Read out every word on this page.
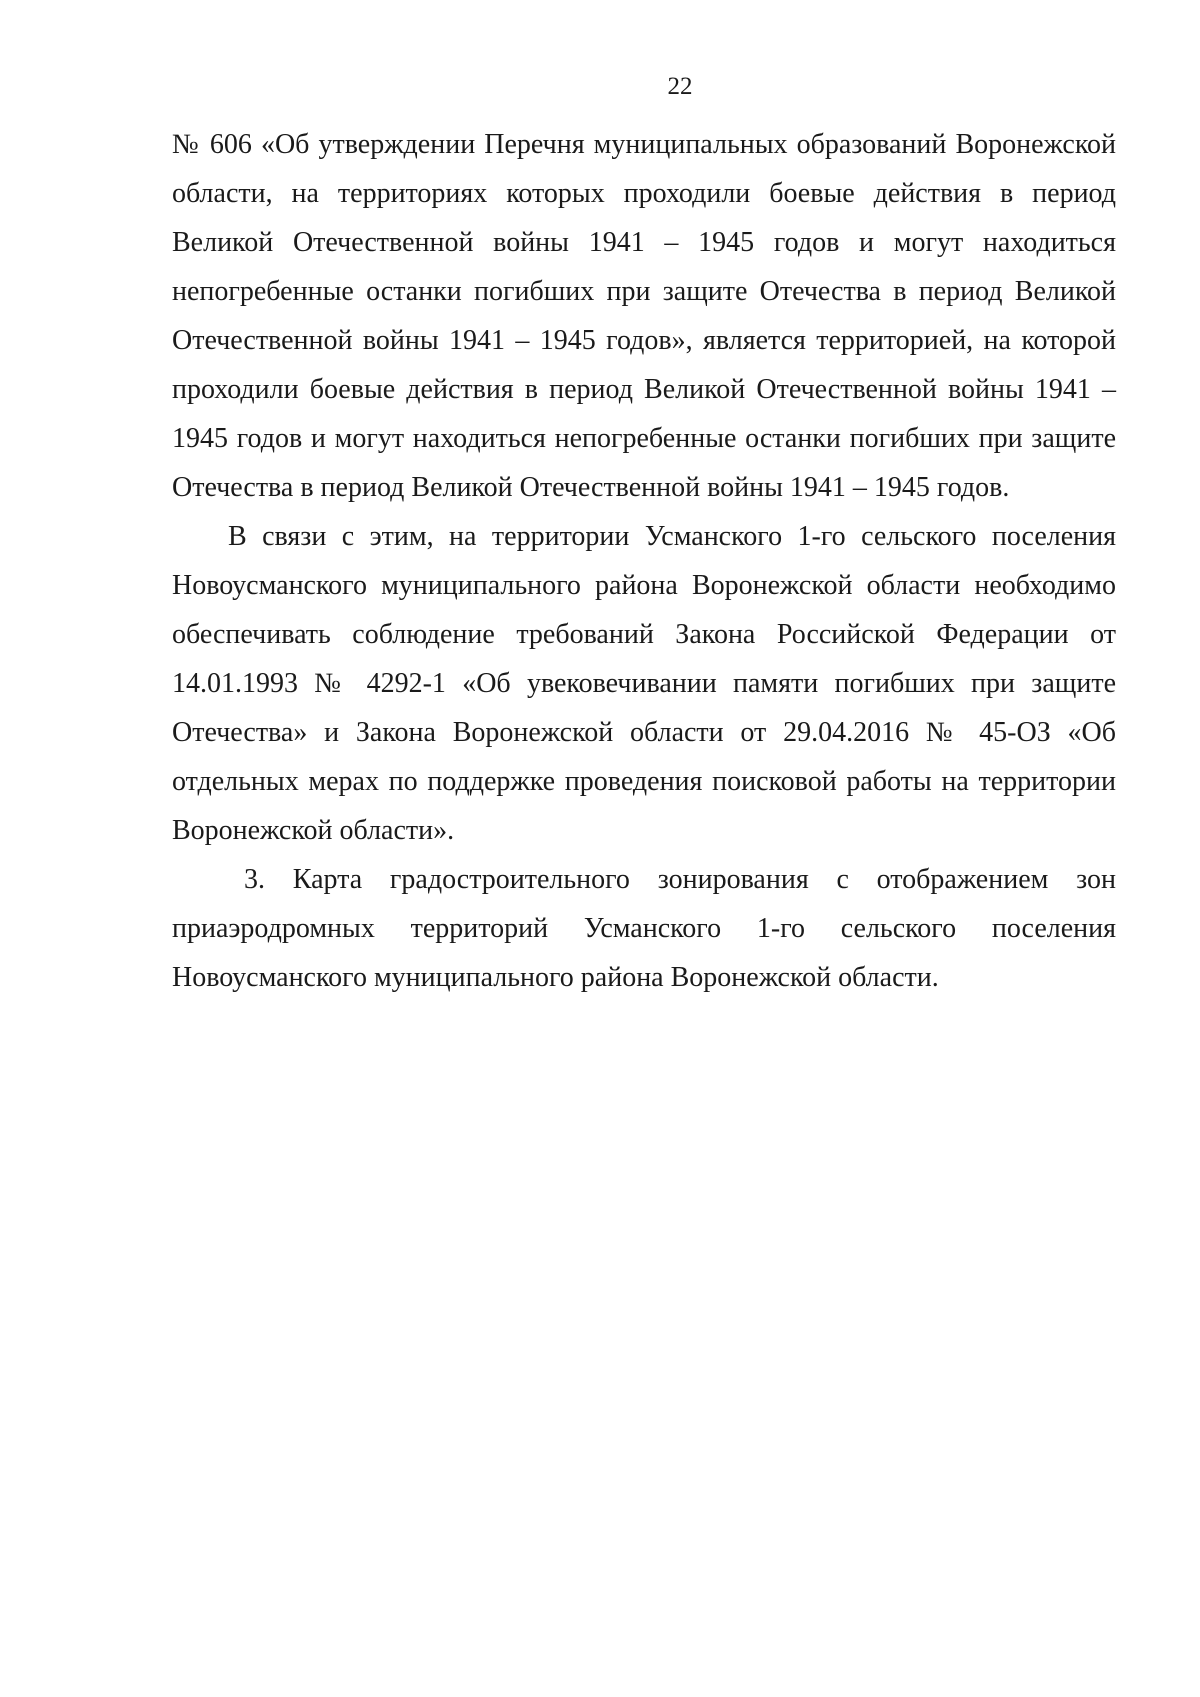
22

№ 606 «Об утверждении Перечня муниципальных образований Воронежской области, на территориях которых проходили боевые действия в период Великой Отечественной войны 1941 – 1945 годов и могут находиться непогребенные останки погибших при защите Отечества в период Великой Отечественной войны 1941 – 1945 годов», является территорией, на которой проходили боевые действия в период Великой Отечественной войны 1941 – 1945 годов и могут находиться непогребенные останки погибших при защите Отечества в период Великой Отечественной войны 1941 – 1945 годов.

В связи с этим, на территории Усманского 1-го сельского поселения Новоусманского муниципального района Воронежской области необходимо обеспечивать соблюдение требований Закона Российской Федерации от 14.01.1993 № 4292-1 «Об увековечивании памяти погибших при защите Отечества» и Закона Воронежской области от 29.04.2016 № 45-ОЗ «Об отдельных мерах по поддержке проведения поисковой работы на территории Воронежской области».

3. Карта градостроительного зонирования с отображением зон приаэродромных территорий Усманского 1-го сельского поселения Новоусманского муниципального района Воронежской области.
